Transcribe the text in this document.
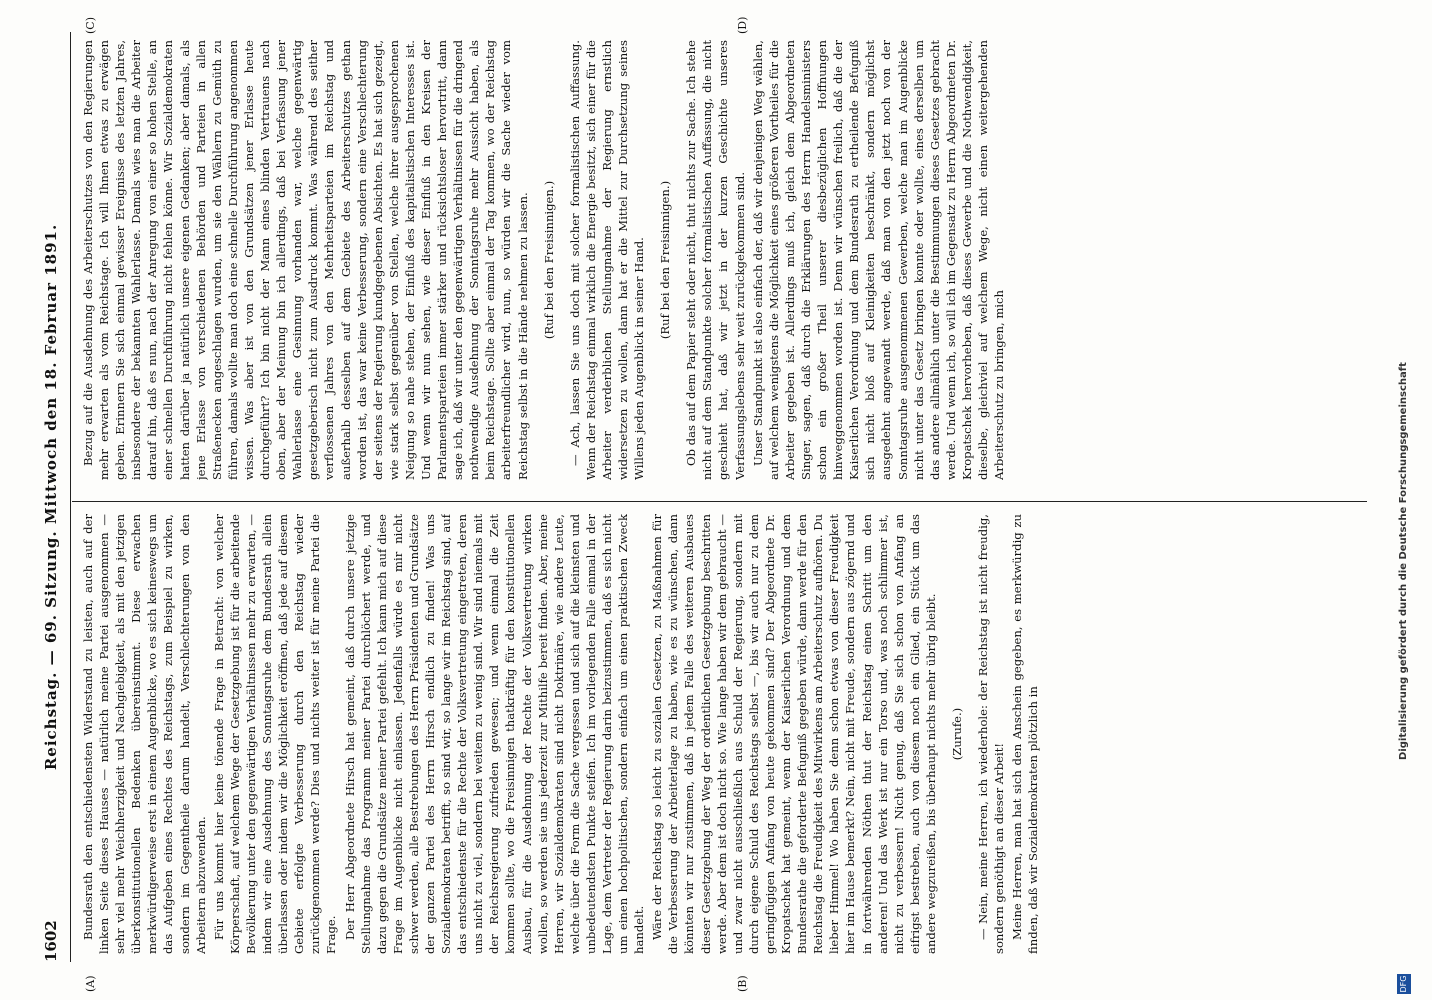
1602
Reichstag. — 69. Sitzung. Mittwoch den 18. Februar 1891.
(A)	(B)
(C)	(D)

Bundesrath den entschiedensten Widerstand zu leisten, auch auf der linken Seite dieses Hauses — natürlich meine Partei ausgenommen — sehr viel mehr Weichherzigkeit und Nachgiebigkeit, als mit den jetzigen überkonstitutionellen Bedenken übereinstimmt. Diese erwachen merkwürdigerweise erst in einem Augenblicke, wo es sich keineswegs um das Aufgeben eines Rechtes des Reichstags, zum Beispiel zu wirken, sondern im Gegentheile darum handelt, Verschlechterungen von den Arbeitern abzuwenden. Für uns kommt hier keine tönende Frage in Betracht: von welcher Körperschaft, auf welchem Wege der Gesetzgebung ist für die arbeitende Bevölkerung unter den gegenwärtigen Verhältnissen mehr zu erwarten, — indem wir eine Ausdehnung des Sonntagsruhe dem Bundesrath allein überlassen oder indem wir die Möglichkeit eröffnen, daß jede auf diesem Gebiete erfolgte Verbesserung durch den Reichstag wieder zurückgenommen werde? Dies und nichts weiter ist für meine Partei die Frage. Der Herr Abgeordnete Hirsch hat gemeint, daß durch unsere jetzige Stellungnahme das Programm meiner Partei durchlöchert werde, und dazu gegen die Grundsätze meiner Partei gefehlt. Ich kann mich auf diese Frage im Augenblicke nicht einlassen. Jedenfalls würde es mir nicht schwer werden, alle Bestrebungen des Herrn Präsidenten und Grundsätze der ganzen Partei des Herrn Hirsch endlich zu finden! Was uns Sozialdemokraten betrifft, so sind wir, so lange wir im Reichstag sind, auf das entschiedenste für die Rechte der Volksvertretung eingetreten, deren uns nicht zu viel, sondern bei weitem zu wenig sind. Wir sind niemals mit der Reichsregierung zufrieden gewesen; und wenn einmal die Zeit kommen sollte, wo die Freisinnigen thatkräftig für den konstitutionellen Ausbau, für die Ausdehnung der Rechte der Volksvertretung wirken wollen, so werden sie uns jederzeit zur Mithilfe bereit finden. Aber, meine Herren, wir Sozialdemokraten sind nicht Doktrinäre, wie andere Leute, welche über die Form die Sache vergessen und sich auf die kleinsten und unbedeutendsten Punkte steifen. Ich im vorliegenden Falle einmal in der Lage, dem Vertreter der Regierung darin beizustimmen, daß es sich nicht um einen hochpolitischen, sondern einfach um einen praktischen Zweck handelt. Wäre der Reichstag so leicht zu sozialen Gesetzen, zu Maßnahmen für die Verbesserung der Arbeiterlage zu haben, wie es zu wünschen, dann könnten wir nur zustimmen, daß in jedem Falle des weiteren Ausbaues dieser Gesetzgebung der Weg der ordentlichen Gesetzgebung beschritten werde. Aber dem ist doch nicht so. Wie lange haben wir dem gebraucht — und zwar nicht ausschließlich aus Schuld der Regierung, sondern mit durch eigene Schuld des Reichstags selbst —, bis wir auch nur zu dem geringfügigen Anfang von heute gekommen sind? Der Abgeordnete Dr. Kropatschek hat gemeint, wenn der Kaiserlichen Verordnung und dem Bundesrathe die geforderte Befugniß gegeben würde, dann werde für den Reichstag die Freudigkeit des Mitwirkens am Arbeiterschutz aufhören. Du lieber Himmel! Wo haben Sie denn schon etwas von dieser Freudigkeit hier im Hause bemerkt? Nein, nicht mit Freude, sondern aus zögernd und in fortwährenden Nöthen thut der Reichstag einen Schritt um den anderen! Und das Werk ist nur ein Torso und, was noch schlimmer ist, nicht zu verbessern! Nicht genug, daß Sie sich schon von Anfang an eifrigst bestreben, auch von diesem noch ein Glied, ein Stück um das andere wegzureißen, bis überhaupt nichts mehr übrig bleibt. (Zurufe.) — Nein, meine Herren, ich wiederhole: der Reichstag ist nicht freudig, sondern genöthigt an dieser Arbeit! Meine Herren, man hat sich den Anschein gegeben, es merkwürdig zu finden, daß wir Sozialdemokraten plötzlich in

Bezug auf die Ausdehnung des Arbeiterschutzes von den Regierungen mehr erwarten als vom Reichstage. Ich will Ihnen etwas zu erwägen geben. Erinnern Sie sich einmal gewisser Ereignisse des letzten Jahres, insbesondere der bekannten Wahlerlasse. Damals wies man die Arbeiter darauf hin, daß es nun, nach der Anregung von einer so hohen Stelle, an einer schnellen Durchführung nicht fehlen könne. Wir Sozialdemokraten hatten darüber ja natürlich unsere eigenen Gedanken; aber damals, als jene Erlasse von verschiedenen Behörden und Parteien in allen Straßenecken angeschlagen wurden, um sie den Wählern zu Gemüth zu führen, damals wollte man doch eine schnelle Durchführung angenommen wissen. Was aber ist von den Grundsätzen jener Erlasse heute durchgeführt? Ich bin nicht der Mann eines blinden Vertrauens nach oben, aber der Meinung bin ich allerdings, daß bei Verfassung jener Wahlerlasse eine Gesinnung vorhanden war, welche gegenwärtig gesetzgeberisch nicht zum Ausdruck kommt. Was während des seither verflossenen Jahres von den Mehrheitsparteien im Reichstag und außerhalb desselben auf dem Gebiete des Arbeiterschutzes gethan worden ist, das war keine Verbesserung, sondern eine Verschlechterung der seitens der Regierung kundgegebenen Absichten. Es hat sich gezeigt, wie stark selbst gegenüber von Stellen, welche ihrer ausgesprochenen Neigung so nahe stehen, der Einfluß des kapitalistischen Interesses ist. Und wenn wir nun sehen, wie dieser Einfluß in den Kreisen der Parlamentsparteien immer stärker und rücksichtsloser hervortritt, dann sage ich, daß wir unter den gegenwärtigen Verhältnissen für die dringend nothwendige Ausdehnung der Sonntagsruhe mehr Aussicht haben, als beim Reichstage. Sollte aber einmal der Tag kommen, wo der Reichstag arbeiterfreundlicher wird, nun, so würden wir die Sache wieder vom Reichstag selbst in die Hände nehmen zu lassen. (Ruf bei den Freisinnigen.) — Ach, lassen Sie uns doch mit solcher formalistischen Auffassung. Wenn der Reichstag einmal wirklich die Energie besitzt, sich einer für die Arbeiter verderblichen Stellungnahme der Regierung ernstlich widersetzen zu wollen, dann hat er die Mittel zur Durchsetzung seines Willens jeden Augenblick in seiner Hand. (Ruf bei den Freisinnigen.) Ob das auf dem Papier steht oder nicht, thut nichts zur Sache. Ich stehe nicht auf dem Standpunkte solcher formalistischen Auffassung, die nicht geschieht hat, daß wir jetzt in der kurzen Geschichte unseres Verfassungslebens sehr weit zurückgekommen sind. Unser Standpunkt ist also einfach der, daß wir denjenigen Weg wählen, auf welchem wenigstens die Möglichkeit eines größeren Vortheiles für die Arbeiter gegeben ist. Allerdings muß ich, gleich dem Abgeordneten Singer, sagen, daß durch die Erklärungen des Herrn Handelsministers schon ein großer Theil unserer diesbezüglichen Hoffnungen hinweggenommen worden ist. Denn wir wünschen freilich, daß die der Kaiserlichen Verordnung und dem Bundesrath zu ertheilende Befugniß sich nicht bloß auf Kleinigkeiten beschränkt, sondern möglichst ausgedehnt angewandt werde, daß man von den jetzt noch von der Sonntagsruhe ausgenommenen Gewerben, welche man im Augenblicke nicht unter das Gesetz bringen konnte oder wollte, eines derselben um das andere allmählich unter die Bestimmungen dieses Gesetzes gebracht werde. Und wenn ich, so will ich im Gegensatz zu Herrn Abgeordneten Dr. Kropatschek hervorheben, daß dieses Gewerbe und die Nothwendigkeit, dieselbe, gleichviel auf welchem Wege, nicht einen weitergehenden Arbeiterschutz zu bringen, mich

DFG
Digitalisierung gefördert durch die Deutsche Forschungsgemeinschaft
